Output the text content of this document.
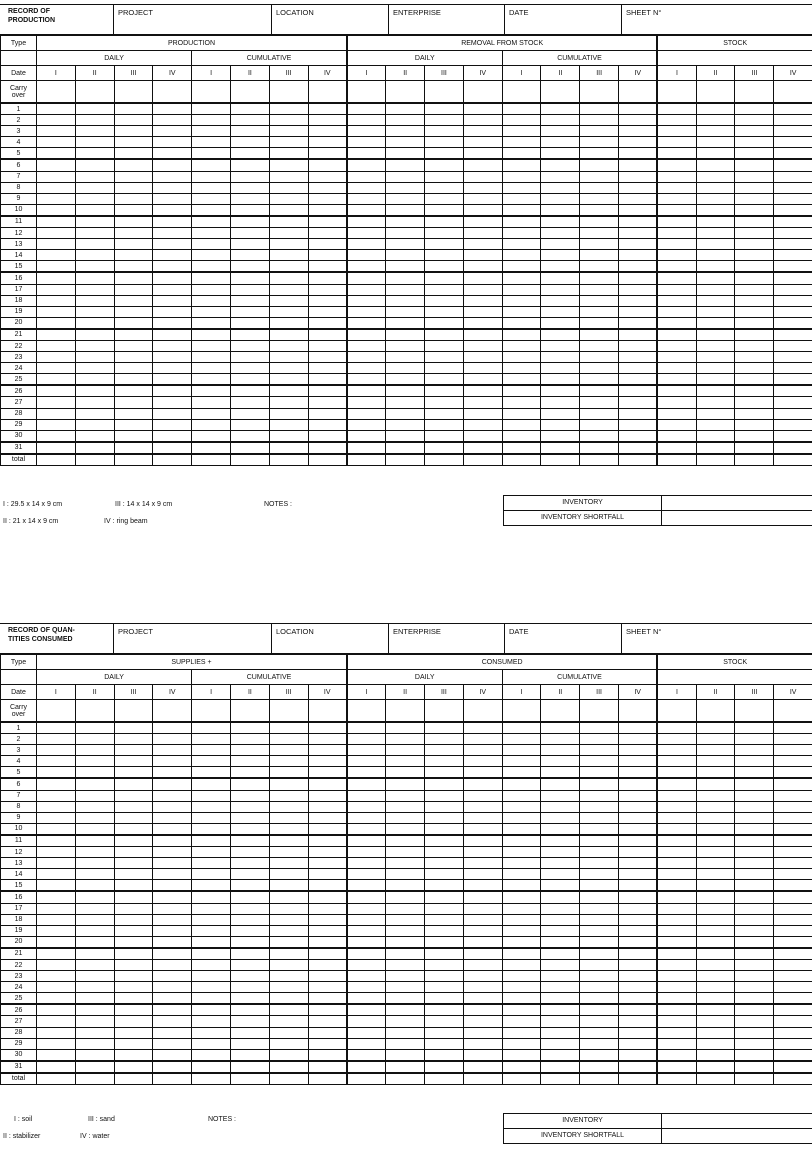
RECORD OF
PRODUCTION
PROJECT	LOCATION	ENTERPRISE	DATE	SHEET N°
Type	PRODUCTION								REMOVAL FROM STOCK								STOCK			
	DAILY				CUMULATIVE				DAILY				CUMULATIVE							
Date	I	II	III	IV	I	II	III	IV	I	II	III	IV	I	II	III	IV	I	II	III	IV

Carry
over																				

1																				
2																				
3																				
4																				
5																				
6																				
7																				
8																				
9																				
10																				
11																				
12																				
13																				
14																				
15																				
16																				
17																				
18																				
19																				
20																				
21																				
22																				
23																				
24																				
25																				
26																				
27																				
28																				
29																				
30																				
31																				
total																				
I : 29.5 x 14 x 9 cm	III : 14 x 14 x 9 cm
II : 21 x 14 x 9 cm	IV : ring beam
NOTES :	INVENTORY
INVENTORY SHORTFALL
RECORD OF QUAN-
TITIES CONSUMED
PROJECT	LOCATION	ENTERPRISE	DATE	SHEET N°
Type	SUPPLIES +								CONSUMED								STOCK			
	DAILY				CUMULATIVE				DAILY				CUMULATIVE							
Date	I	II	III	IV	I	II	III	IV	I	II	III	IV	I	II	III	IV	I	II	III	IV

Carry
over																				

1																				
2																				
3																				
4																				
5																				
6																				
7																				
8																				
9																				
10																				
11																				
12																				
13																				
14																				
15																				
16																				
17																				
18																				
19																				
20																				
21																				
22																				
23																				
24																				
25																				
26																				
27																				
28																				
29																				
30																				
31																				
total																				
I : soil	III : sand
II : stabilizer	IV : water
NOTES :	INVENTORY
INVENTORY SHORTFALL
